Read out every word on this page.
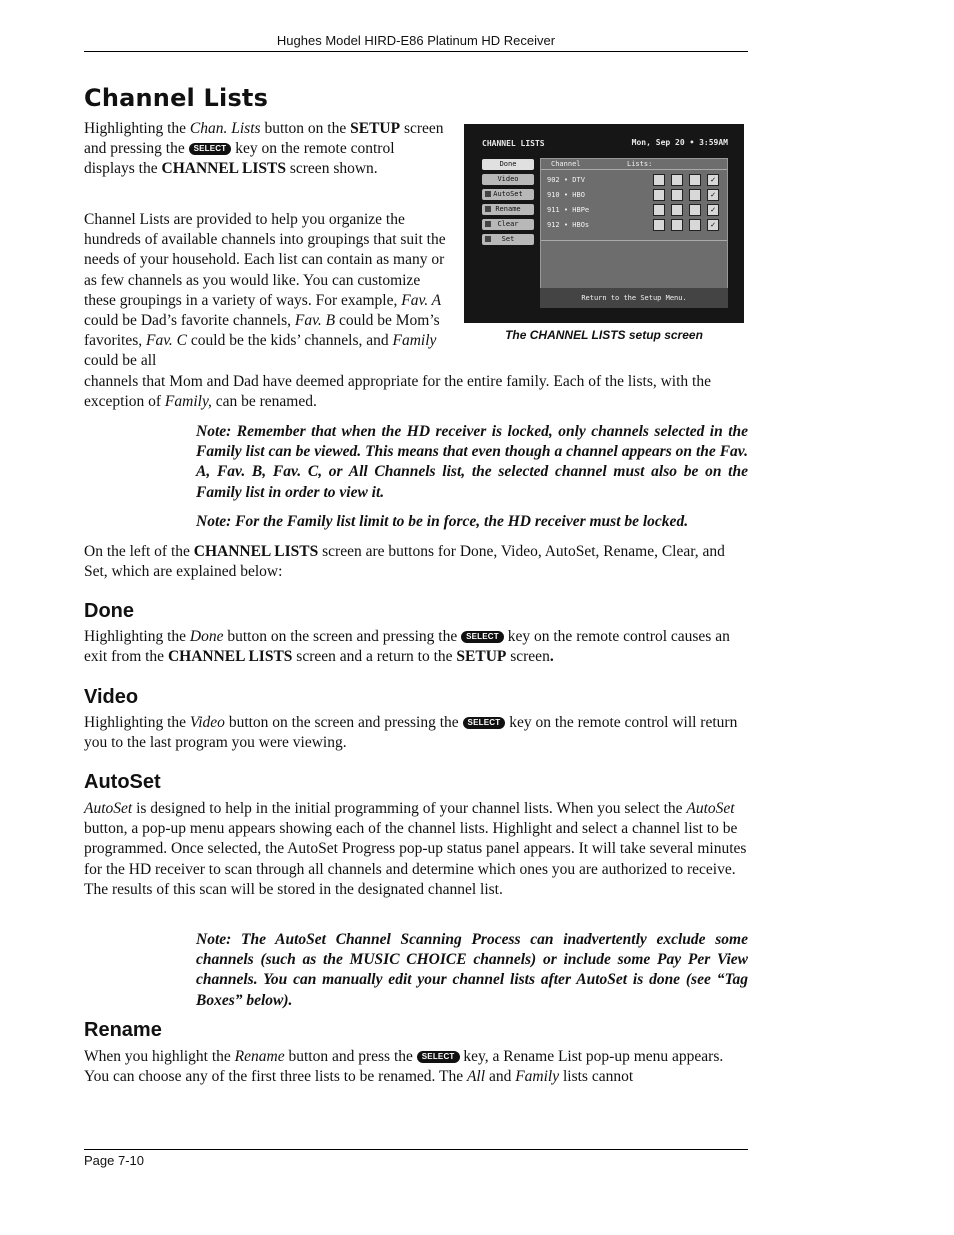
Hughes Model HIRD-E86 Platinum HD Receiver
Channel Lists

Highlighting the Chan. Lists button on the SETUP screen and pressing the SELECT key on the remote control displays the CHANNEL LISTS screen shown.

Channel Lists are provided to help you organize the hundreds of available channels into groupings that suit the needs of your household. Each list can contain as many or as few channels as you would like. You can customize these groupings in a variety of ways. For example, Fav. A could be Dad’s favorite channels, Fav. B could be Mom’s favorites, Fav. C could be the kids’ channels, and Family could be all

channels that Mom and Dad have deemed appropriate for the entire family. Each of the lists, with the exception of Family, can be renamed.

CHANNEL LISTS	Mon, Sep 20 • 3:59AM
Done
Video
AutoSet
Rename
Clear
Set
Channel	Lists:
902 • DTV
910 • HBO
911 • HBPe
912 • HBOs
✓
✓
✓
✓
Return to the Setup Menu.
The CHANNEL LISTS setup screen

Note: Remember that when the HD receiver is locked, only channels selected in the Family list can be viewed. This means that even though a channel appears on the Fav. A, Fav. B, Fav. C, or All Channels list, the selected channel must also be on the Family list in order to view it.

Note: For the Family list limit to be in force, the HD receiver must be locked.

On the left of the CHANNEL LISTS screen are buttons for Done, Video, AutoSet, Rename, Clear, and Set, which are explained below:

Done

Highlighting the Done button on the screen and pressing the SELECT key on the remote control causes an exit from the CHANNEL LISTS screen and a return to the SETUP screen.

Video

Highlighting the Video button on the screen and pressing the SELECT key on the remote control will return you to the last program you were viewing.

AutoSet

AutoSet is designed to help in the initial programming of your channel lists. When you select the AutoSet button, a pop-up menu appears showing each of the channel lists. Highlight and select a channel list to be programmed. Once selected, the AutoSet Progress pop-up status panel appears. It will take several minutes for the HD receiver to scan through all channels and determine which ones you are authorized to receive. The results of this scan will be stored in the designated channel list.

Note: The AutoSet Channel Scanning Process can inadvertently exclude some channels (such as the MUSIC CHOICE channels) or include some Pay Per View channels. You can manually edit your channel lists after AutoSet is done (see “Tag Boxes” below).

Rename

When you highlight the Rename button and press the SELECT key, a Rename List pop-up menu appears. You can choose any of the first three lists to be renamed. The All and Family lists cannot

Page 7-10
